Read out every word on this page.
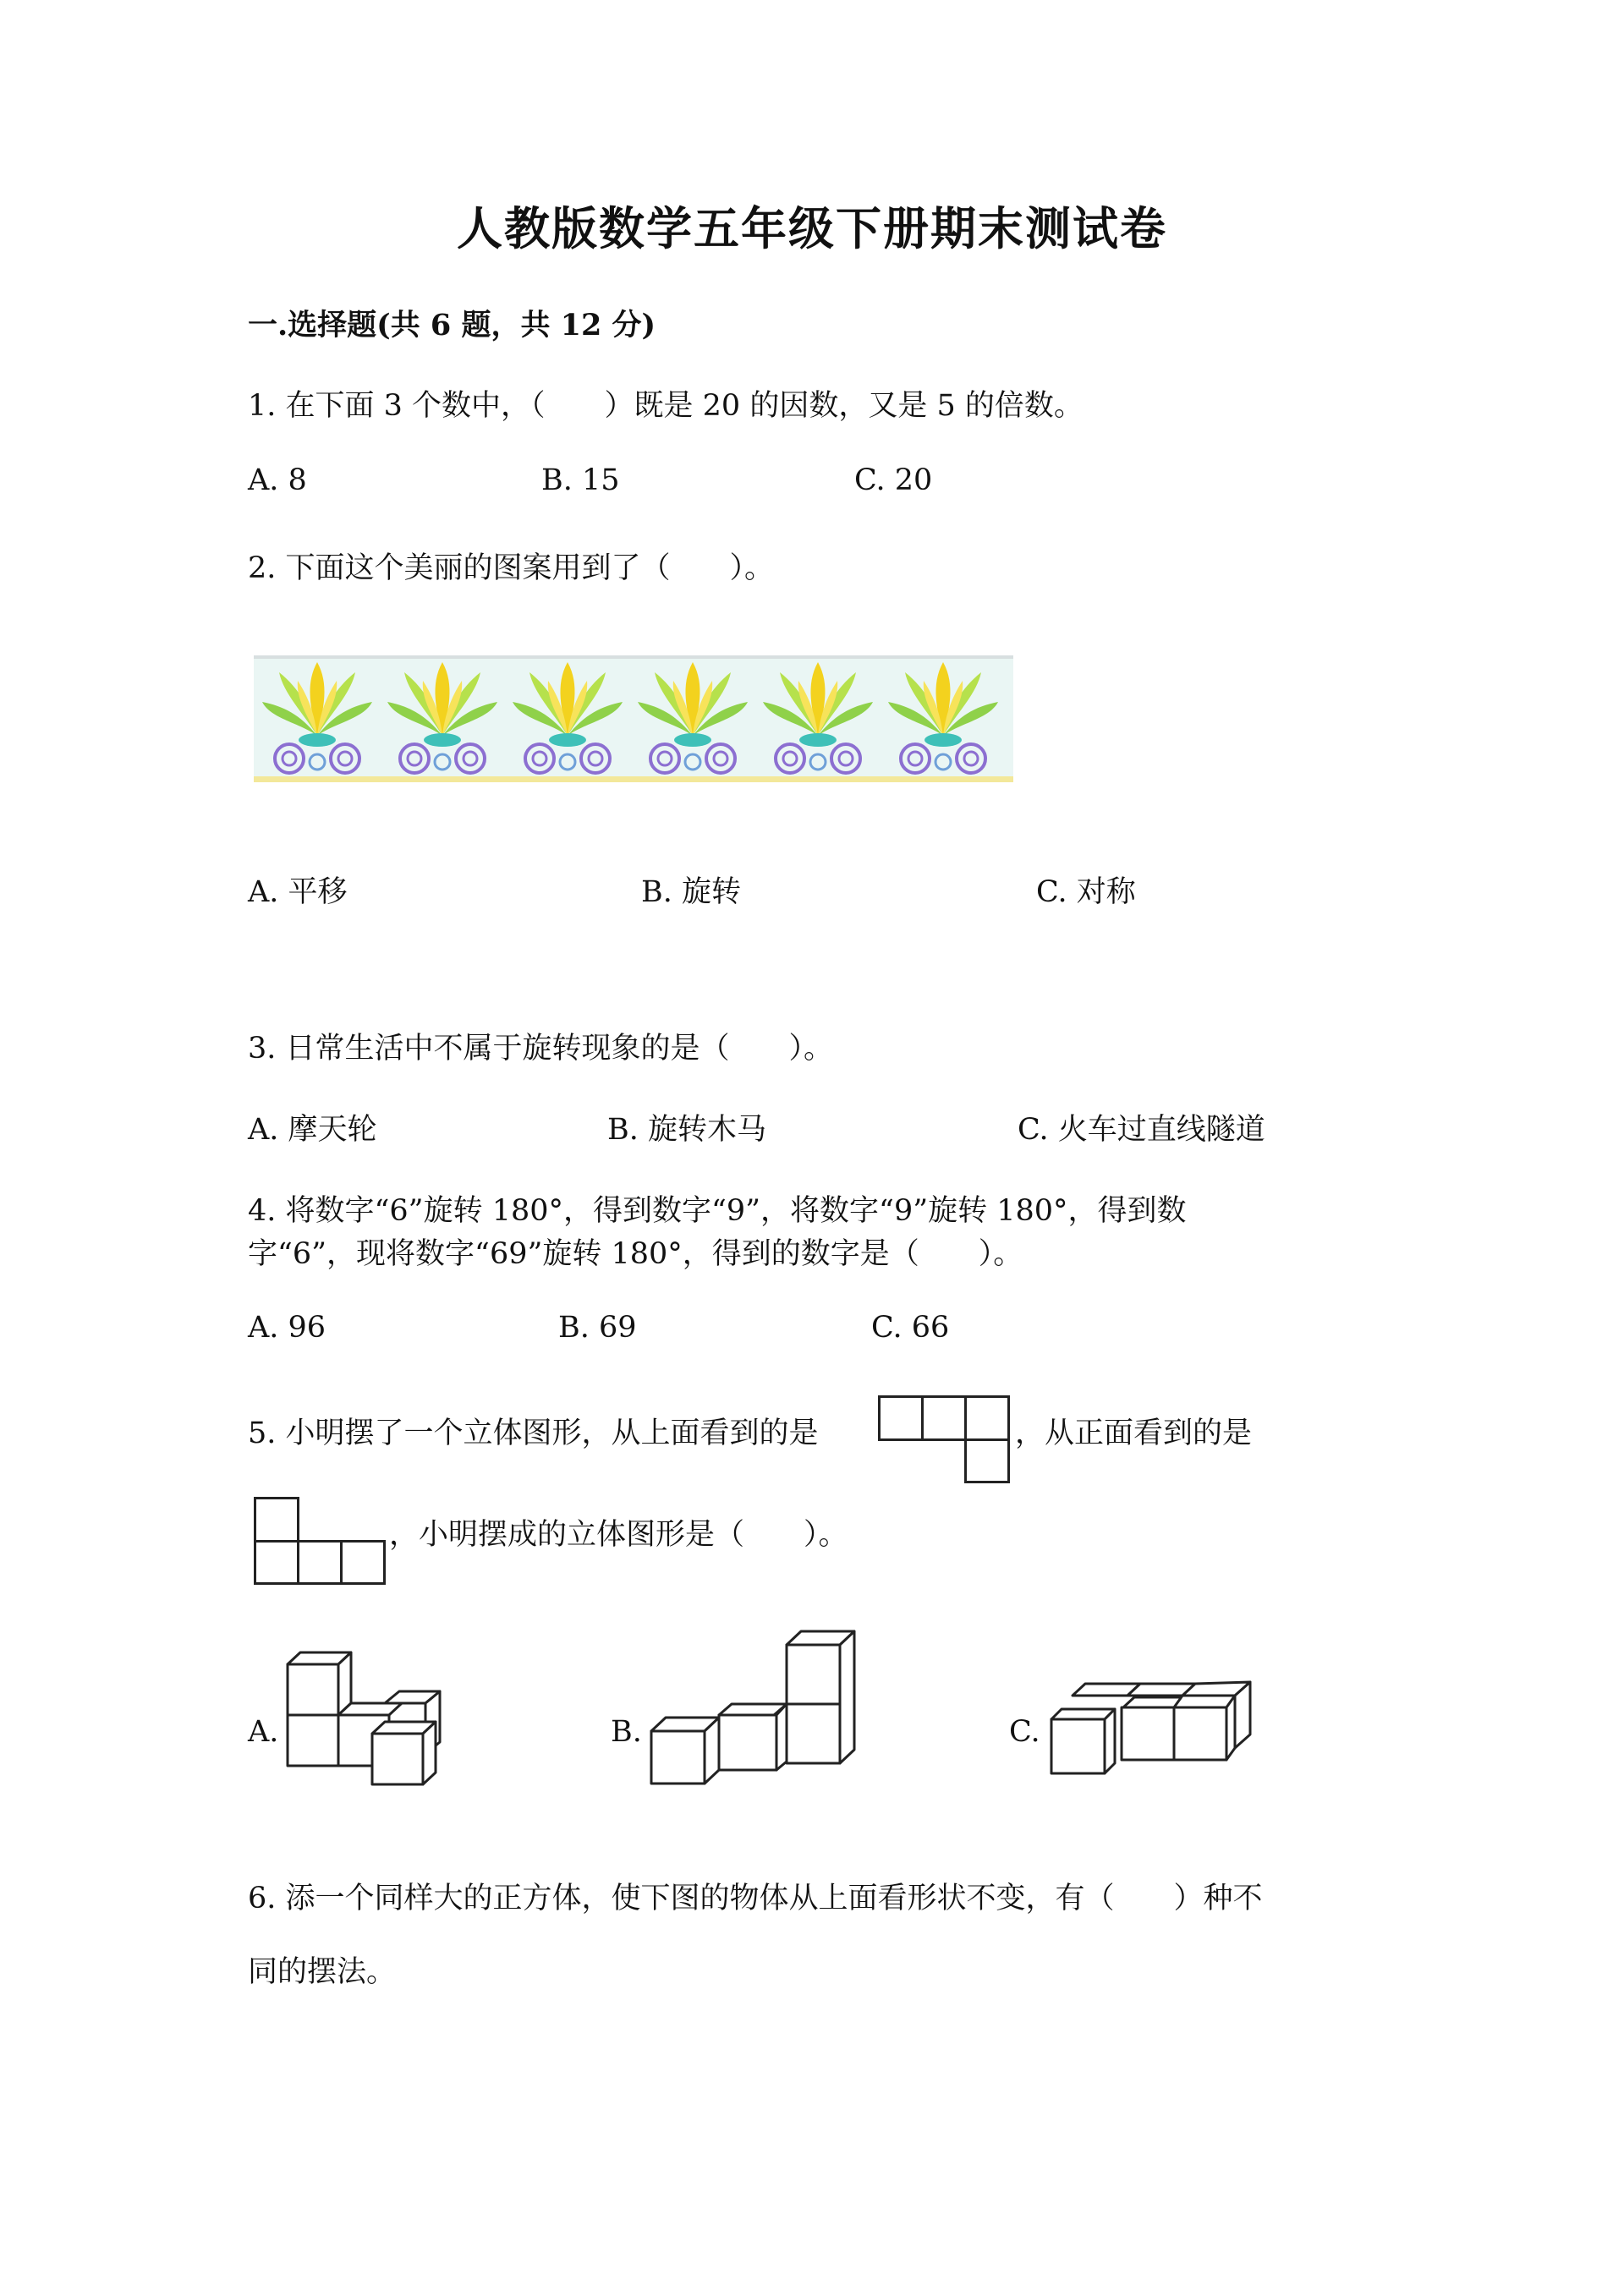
人教版数学五年级下册期末测试卷
一.选择题(共 6 题，共 12 分)
1. 在下面 3 个数中，（　　）既是 20 的因数，又是 5 的倍数。
A. 8	B. 15	C. 20
2. 下面这个美丽的图案用到了（　　）。
A. 平移	B. 旋转	C. 对称
3. 日常生活中不属于旋转现象的是（　　）。
A. 摩天轮	B. 旋转木马	C. 火车过直线隧道
4. 将数字“6”旋转 180°，得到数字“9”，将数字“9”旋转 180°，得到数
字“6”，现将数字“69”旋转 180°，得到的数字是（　　）。
A. 96	B. 69	C. 66
5. 小明摆了一个立体图形，从上面看到的是	，从正面看到的是
，小明摆成的立体图形是（　　）。
A.	B.	C.
6. 添一个同样大的正方体，使下图的物体从上面看形状不变，有（　　）种不
同的摆法。
